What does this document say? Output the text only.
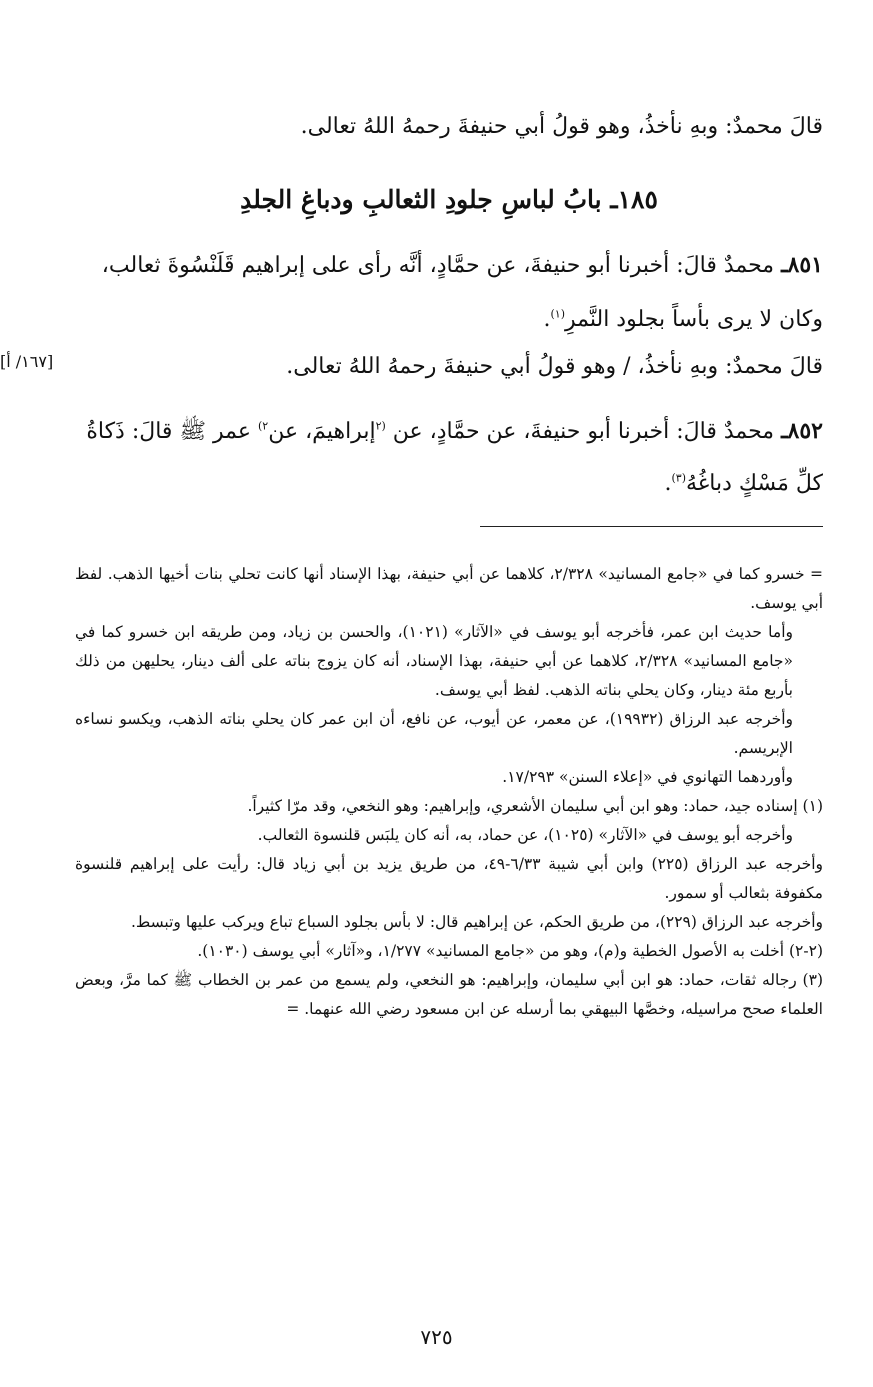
قالَ محمدٌ: وبهِ نأخذُ، وهو قولُ أبي حنيفةَ رحمهُ اللهُ تعالى.
١٨٥ـ بابُ لباسِ جلودِ الثعالبِ ودباغِ الجلدِ
٨٥١ـ محمدٌ قالَ: أخبرنا أبو حنيفةَ، عن حمَّادٍ، أنَّه رأى على إبراهيم قَلَنْسُوةَ ثعالب، وكان لا يرى بأساً بجلود النَّمرِ$^{(١)}$.
[١٦٧/ أ]	قالَ محمدٌ: وبهِ نأخذُ، / وهو قولُ أبي حنيفةَ رحمهُ اللهُ تعالى.
٨٥٢ـ محمدٌ قالَ: أخبرنا أبو حنيفةَ، عن حمَّادٍ، عن $^{(٢}$إبراهيمَ، عن$^{٢)}$ عمر ﷺ قالَ: ذَكاةُ كلِّ مَسْكٍ دباغُهُ$^{(٣)}$.

= خسرو كما في «جامع المسانيد» ٢/٣٢٨، كلاهما عن أبي حنيفة، بهذا الإسناد أنها كانت تحلي بنات أخيها الذهب. لفظ أبي يوسف.

وأما حديث ابن عمر، فأخرجه أبو يوسف في «الآثار» (١٠٢١)، والحسن بن زياد، ومن طريقه ابن خسرو كما في «جامع المسانيد» ٢/٣٢٨، كلاهما عن أبي حنيفة، بهذا الإسناد، أنه كان يزوج بناته على ألف دينار، يحليهن من ذلك بأربع مئة دينار، وكان يحلي بناته الذهب. لفظ أبي يوسف.

وأخرجه عبد الرزاق (١٩٩٣٢)، عن معمر، عن أيوب، عن نافع، أن ابن عمر كان يحلي بناته الذهب، ويكسو نساءه الإبريسم.

وأوردهما التهانوي في «إعلاء السنن» ١٧/٢٩٣.

(١) إسناده جيد، حماد: وهو ابن أبي سليمان الأشعري، وإبراهيم: وهو النخعي، وقد مرّا كثيراً.

وأخرجه أبو يوسف في «الآثار» (١٠٢٥)، عن حماد، به، أنه كان يلبَس قلنسوة الثعالب.

وأخرجه عبد الرزاق (٢٢٥) وابن أبي شيبة ٦/٣٣-٤٩، من طريق يزيد بن أبي زياد قال: رأيت على إبراهيم قلنسوة مكفوفة بثعالب أو سمور.

وأخرجه عبد الرزاق (٢٢٩)، من طريق الحكم، عن إبراهيم قال: لا بأس بجلود السباع تباع ويركب عليها وتبسط.

(٢-٢) أخلت به الأصول الخطية و(م)، وهو من «جامع المسانيد» ١/٢٧٧، و«آثار» أبي يوسف (١٠٣٠).

(٣) رجاله ثقات، حماد: هو ابن أبي سليمان، وإبراهيم: هو النخعي، ولم يسمع من عمر بن الخطاب ﷺ كما مرَّ، وبعض العلماء صحح مراسيله، وخصَّها البيهقي بما أرسله عن ابن مسعود رضي الله عنهما. =

٧٢٥
